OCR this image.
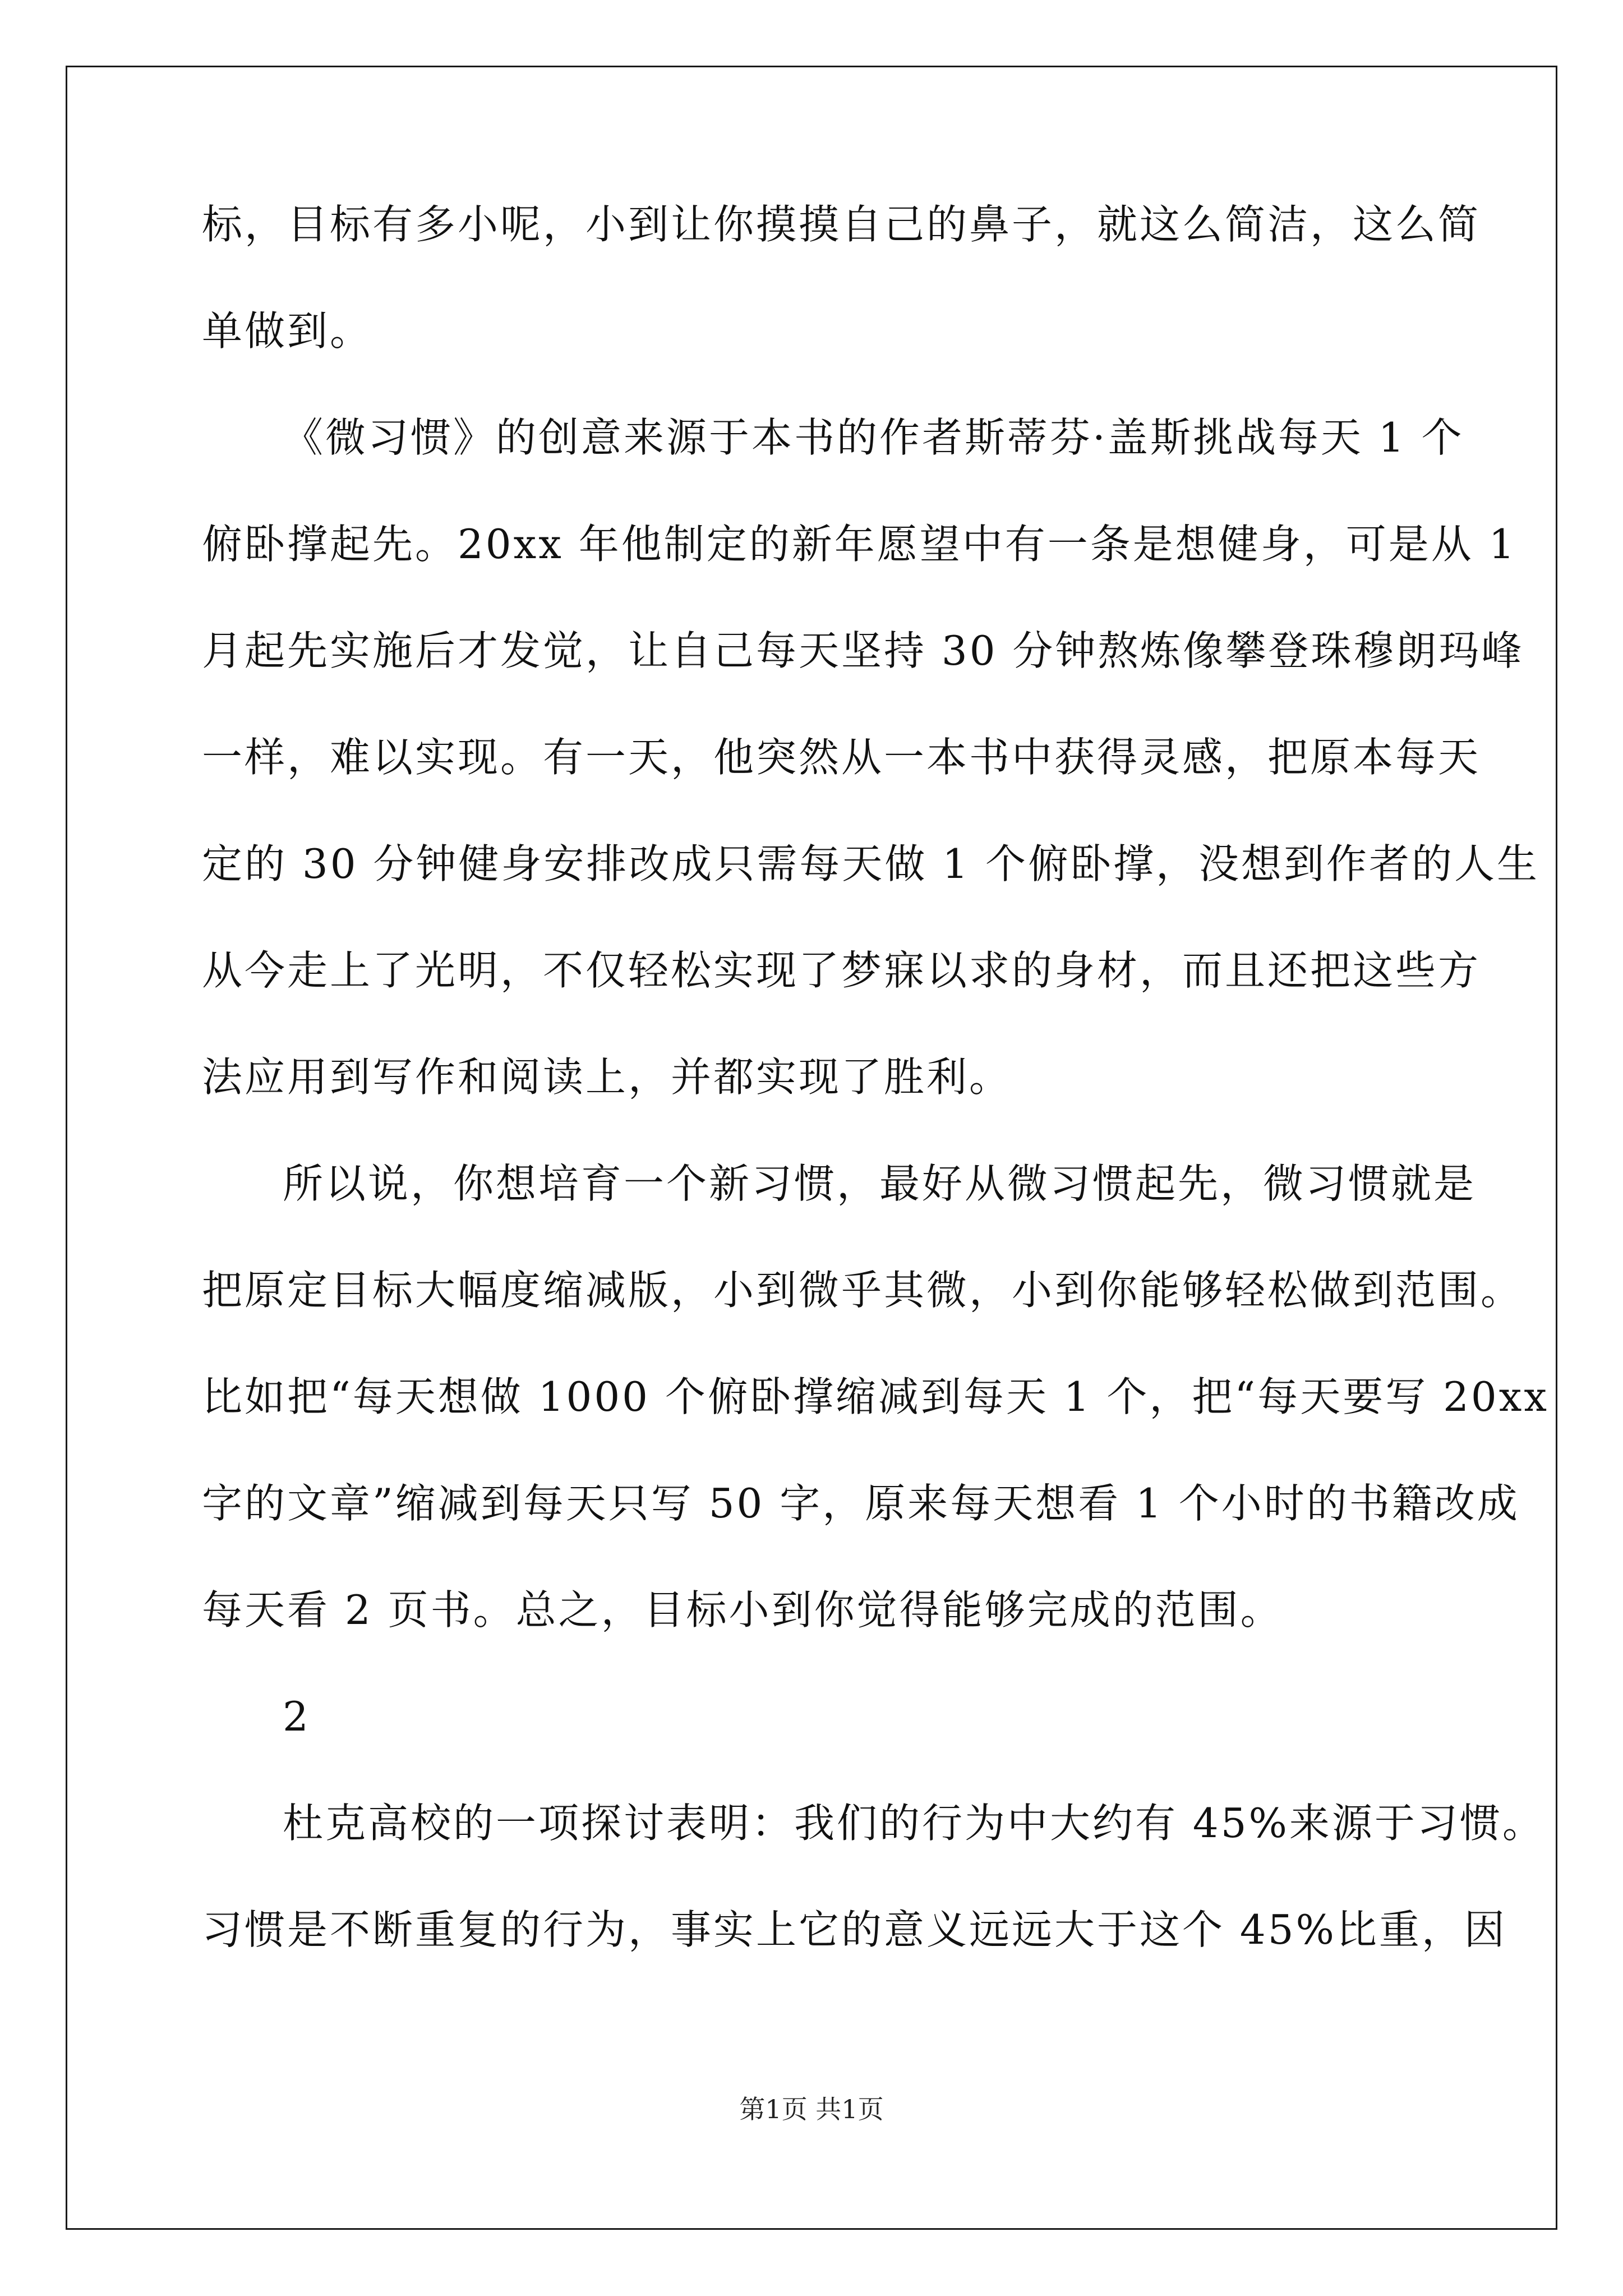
标，目标有多小呢，小到让你摸摸自己的鼻子，就这么简洁，这么简
单做到。
《微习惯》的创意来源于本书的作者斯蒂芬·盖斯挑战每天 1 个
俯卧撑起先。20xx 年他制定的新年愿望中有一条是想健身，可是从 1
月起先实施后才发觉，让自己每天坚持 30 分钟熬炼像攀登珠穆朗玛峰
一样，难以实现。有一天，他突然从一本书中获得灵感，把原本每天
定的 30 分钟健身安排改成只需每天做 1 个俯卧撑，没想到作者的人生
从今走上了光明，不仅轻松实现了梦寐以求的身材，而且还把这些方
法应用到写作和阅读上，并都实现了胜利。
所以说，你想培育一个新习惯，最好从微习惯起先，微习惯就是
把原定目标大幅度缩减版，小到微乎其微，小到你能够轻松做到范围。
比如把“每天想做 1000 个俯卧撑缩减到每天 1 个，把“每天要写 20xx
字的文章”缩减到每天只写 50 字，原来每天想看 1 个小时的书籍改成
每天看 2 页书。总之，目标小到你觉得能够完成的范围。
2
杜克高校的一项探讨表明：我们的行为中大约有 45%来源于习惯。
习惯是不断重复的行为，事实上它的意义远远大于这个 45%比重，因
第1页 共1页
